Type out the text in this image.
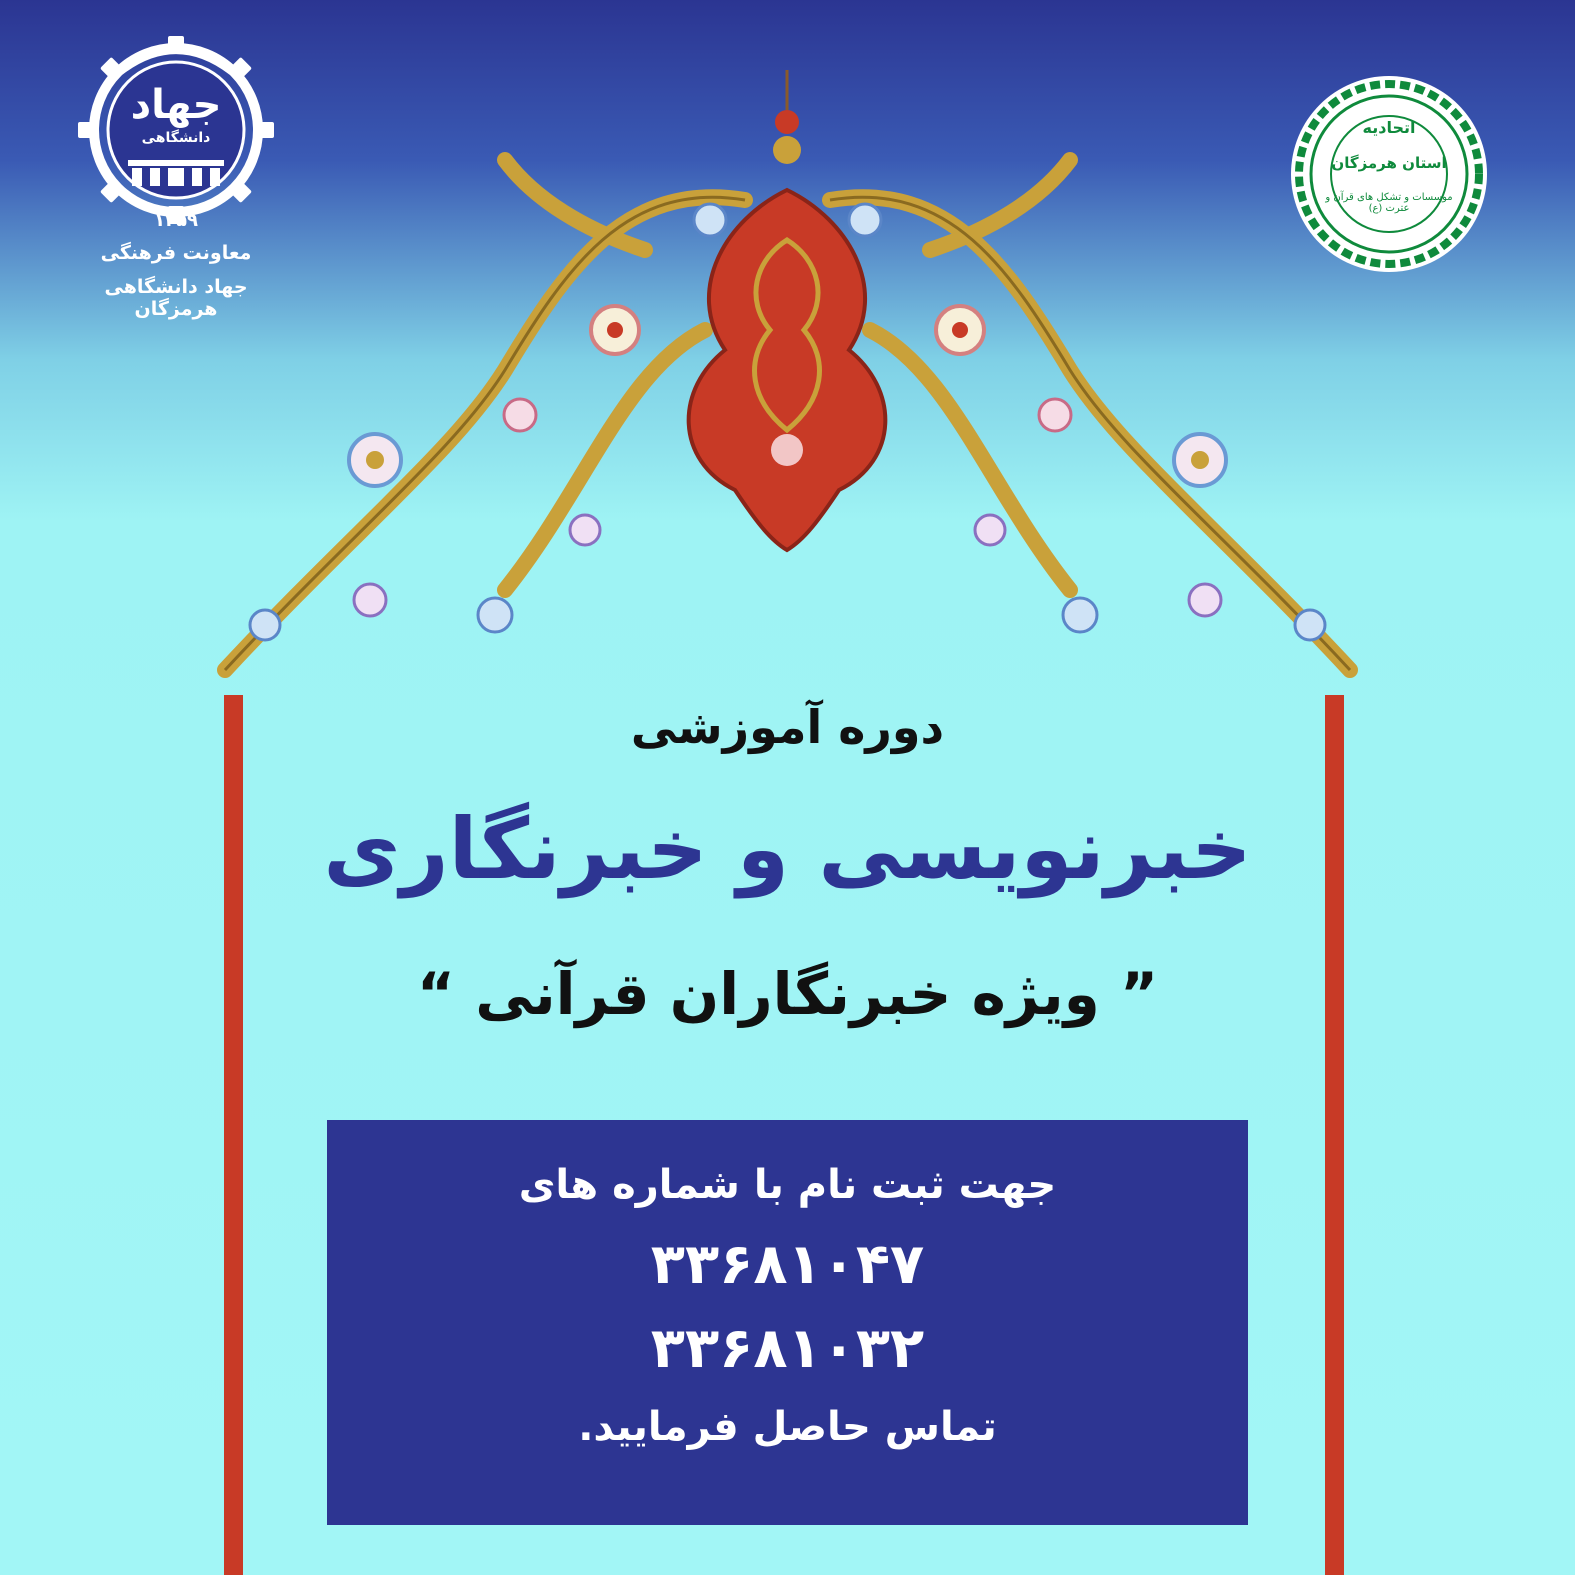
جهاد
دانشگاهی
۱۳۵۹
معاونت فرهنگی
جهاد دانشگاهی هرمزگان
اتحادیه
استان هرمزگان
موسسات و تشکل های قرآن و عترت (ع)
دوره آموزشی
خبرنویسی و خبرنگاری
” ویژه خبرنگاران قرآنی “
جهت ثبت نام با شماره های
۳۳۶۸۱۰۴۷
۳۳۶۸۱۰۳۲
تماس حاصل فرمایید.
